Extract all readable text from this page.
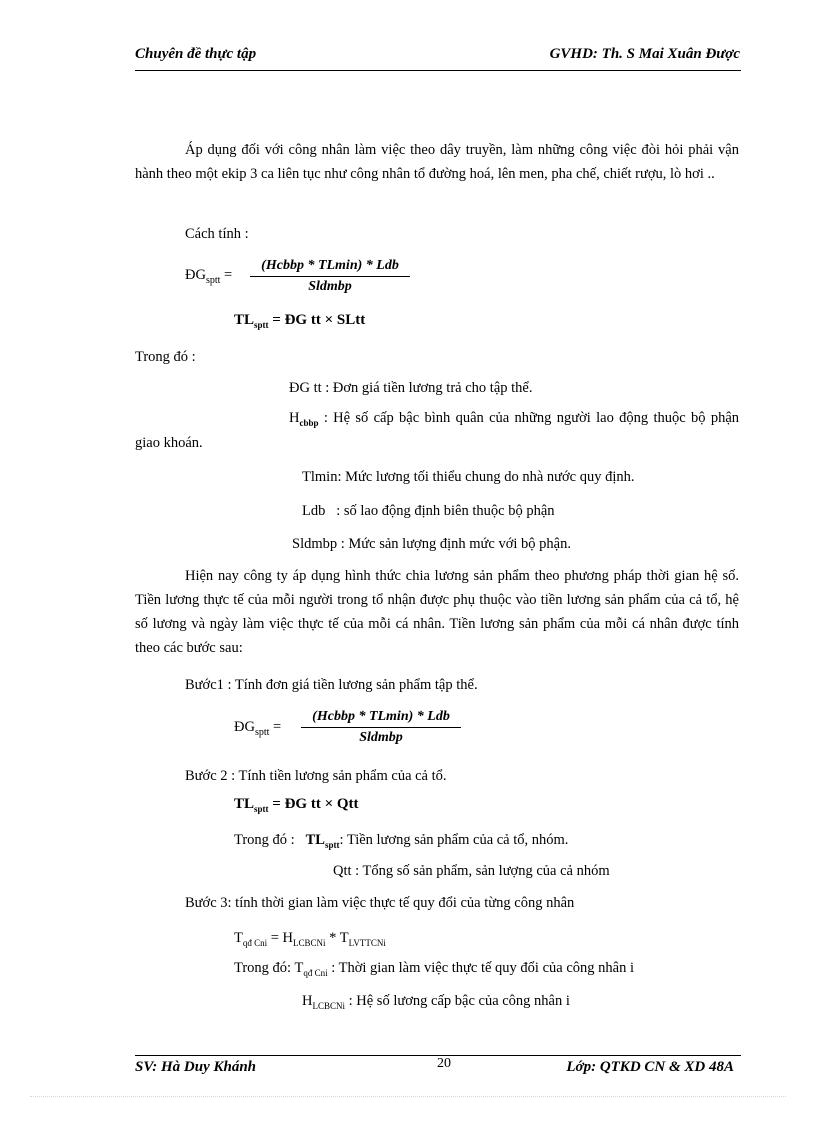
Chuyên đề thực tập	GVHD: Th. S Mai Xuân Được
Áp dụng đối với công nhân làm việc theo dây truyền, làm những công việc đòi hỏi phải vận hành theo một ekip 3 ca liên tục như công nhân tổ đường hoá, lên men, pha chế, chiết rượu, lò hơi ..
Cách tính :
$ĐG_{sptt}$ =
(Hcbbp * TLmin) * Ldb
Sldmbp
$TL_{sptt}$ = ĐG tt × SLtt
Trong đó :
ĐG tt : Đơn giá tiền lương trả cho tập thể.
$H_{cbbp}$ : Hệ số cấp bậc bình quân của những người lao động thuộc bộ phận giao khoán.
Tlmin: Mức lương tối thiểu chung do nhà nước quy định.
Ldb   : số lao động định biên thuộc bộ phận
Sldmbp : Mức sản lượng định mức với bộ phận.
Hiện nay công ty áp dụng hình thức chia lương sản phẩm theo phương pháp thời gian hệ số. Tiền lương thực tế của mỗi người trong tổ nhận được phụ thuộc vào tiền lương sản phẩm của cả tổ, hệ số lương và ngày làm việc thực tế của mỗi cá nhân. Tiền lương sản phẩm của mỗi cá nhân được tính theo các bước sau:
Bước1 : Tính đơn giá tiền lương sản phẩm tập thể.
$ĐG_{sptt}$ =
(Hcbbp * TLmin) * Ldb
Sldmbp
Bước 2 : Tính tiền lương sản phẩm của cả tổ.
$TL_{sptt}$ = ĐG tt × Qtt
Trong đó : $TL_{sptt}$: Tiền lương sản phẩm của cả tổ, nhóm.
Qtt : Tổng số sản phẩm, sản lượng của cả nhóm
Bước 3: tính thời gian làm việc thực tế quy đổi của từng công nhân
$T_{qđ Cni} = H_{LCBCNi} * T_{LVTTCNi}$
Trong đó: $T_{qđ Cni}$ : Thời gian làm việc thực tế quy đổi của công nhân i
$H_{LCBCNi}$ : Hệ số lương cấp bậc của công nhân i
SV: Hà Duy Khánh	20	Lớp: QTKD CN & XD 48A
